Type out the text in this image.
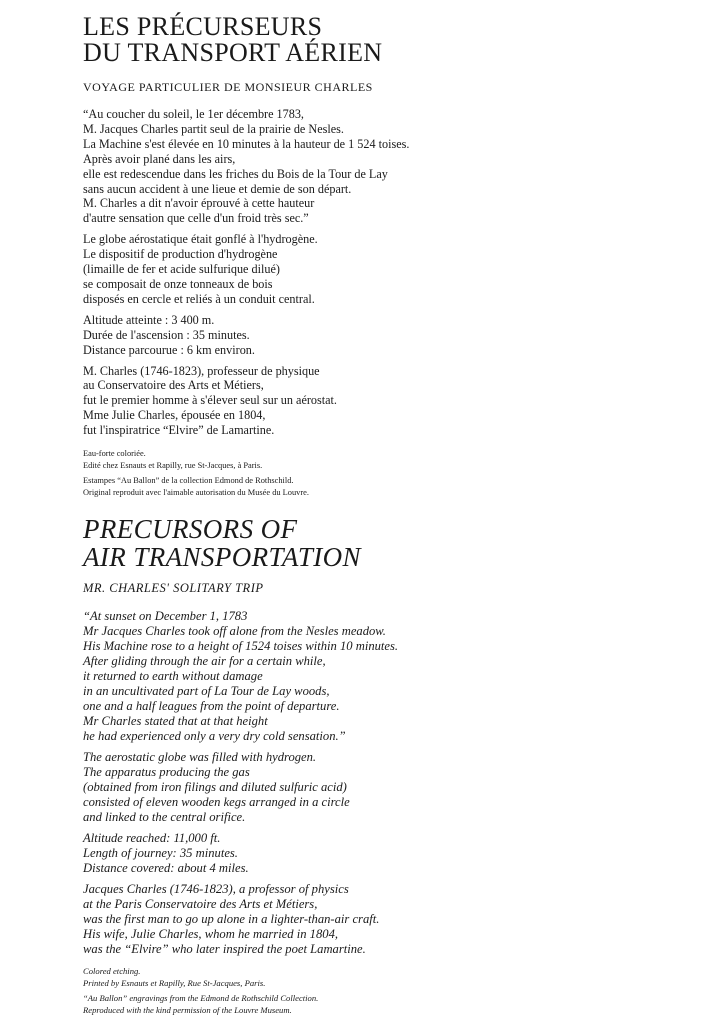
LES PRÉCURSEURS
DU TRANSPORT AÉRIEN
VOYAGE PARTICULIER DE MONSIEUR CHARLES
“Au coucher du soleil, le 1er décembre 1783,
M. Jacques Charles partit seul de la prairie de Nesles.
La Machine s'est élevée en 10 minutes à la hauteur de 1 524 toises.
Après avoir plané dans les airs,
elle est redescendue dans les friches du Bois de la Tour de Lay
sans aucun accident à une lieue et demie de son départ.
M. Charles a dit n'avoir éprouvé à cette hauteur
d'autre sensation que celle d'un froid très sec.”
Le globe aérostatique était gonflé à l'hydrogène.
Le dispositif de production d'hydrogène
(limaille de fer et acide sulfurique dilué)
se composait de onze tonneaux de bois
disposés en cercle et reliés à un conduit central.
Altitude atteinte : 3 400 m.
Durée de l'ascension : 35 minutes.
Distance parcourue : 6 km environ.
M. Charles (1746-1823), professeur de physique
au Conservatoire des Arts et Métiers,
fut le premier homme à s'élever seul sur un aérostat.
Mme Julie Charles, épousée en 1804,
fut l'inspiratrice “Elvire” de Lamartine.
Eau-forte coloriée.
Edité chez Esnauts et Rapilly, rue St-Jacques, à Paris.
Estampes “Au Ballon” de la collection Edmond de Rothschild.
Original reproduit avec l'aimable autorisation du Musée du Louvre.
PRECURSORS OF
AIR TRANSPORTATION
MR. CHARLES' SOLITARY TRIP
“At sunset on December 1, 1783
Mr Jacques Charles took off alone from the Nesles meadow.
His Machine rose to a height of 1524 toises within 10 minutes.
After gliding through the air for a certain while,
it returned to earth without damage
in an uncultivated part of La Tour de Lay woods,
one and a half leagues from the point of departure.
Mr Charles stated that at that height
he had experienced only a very dry cold sensation.”
The aerostatic globe was filled with hydrogen.
The apparatus producing the gas
(obtained from iron filings and diluted sulfuric acid)
consisted of eleven wooden kegs arranged in a circle
and linked to the central orifice.
Altitude reached: 11,000 ft.
Length of journey: 35 minutes.
Distance covered: about 4 miles.
Jacques Charles (1746-1823), a professor of physics
at the Paris Conservatoire des Arts et Métiers,
was the first man to go up alone in a lighter-than-air craft.
His wife, Julie Charles, whom he married in 1804,
was the “Elvire” who later inspired the poet Lamartine.
Colored etching.
Printed by Esnauts et Rapilly, Rue St-Jacques, Paris.
“Au Ballon” engravings from the Edmond de Rothschild Collection.
Reproduced with the kind permission of the Louvre Museum.
